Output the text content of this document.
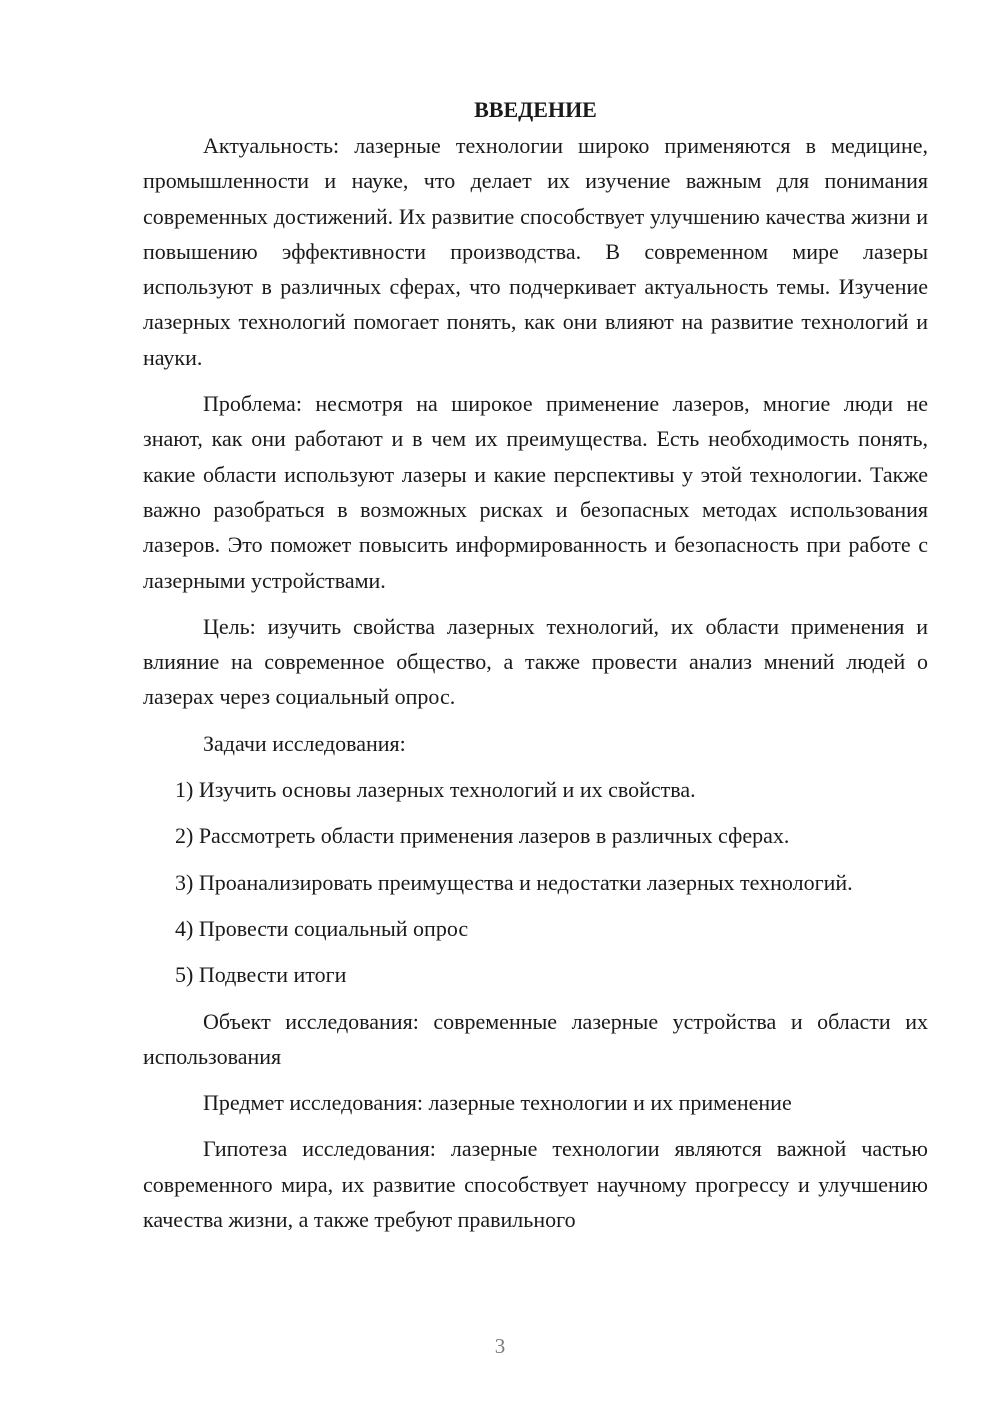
ВВЕДЕНИЕ

Актуальность: лазерные технологии широко применяются в медицине, промышленности и науке, что делает их изучение важным для понимания современных достижений. Их развитие способствует улучшению качества жизни и повышению эффективности производства. В современном мире лазеры используют в различных сферах, что подчеркивает актуальность темы. Изучение лазерных технологий помогает понять, как они влияют на развитие технологий и науки.

Проблема: несмотря на широкое применение лазеров, многие люди не знают, как они работают и в чем их преимущества. Есть необходимость понять, какие области используют лазеры и какие перспективы у этой технологии. Также важно разобраться в возможных рисках и безопасных методах использования лазеров. Это поможет повысить информированность и безопасность при работе с лазерными устройствами.

Цель: изучить свойства лазерных технологий, их области применения и влияние на современное общество, а также провести анализ мнений людей о лазерах через социальный опрос.

Задачи исследования:

1) Изучить основы лазерных технологий и их свойства.

2) Рассмотреть области применения лазеров в различных сферах.

3) Проанализировать преимущества и недостатки лазерных технологий.

4) Провести социальный опрос

5) Подвести итоги

Объект исследования: современные лазерные устройства и области их использования

Предмет исследования: лазерные технологии и их применение

Гипотеза исследования: лазерные технологии являются важной частью современного мира, их развитие способствует научному прогрессу и улучшению качества жизни, а также требуют правильного

3
